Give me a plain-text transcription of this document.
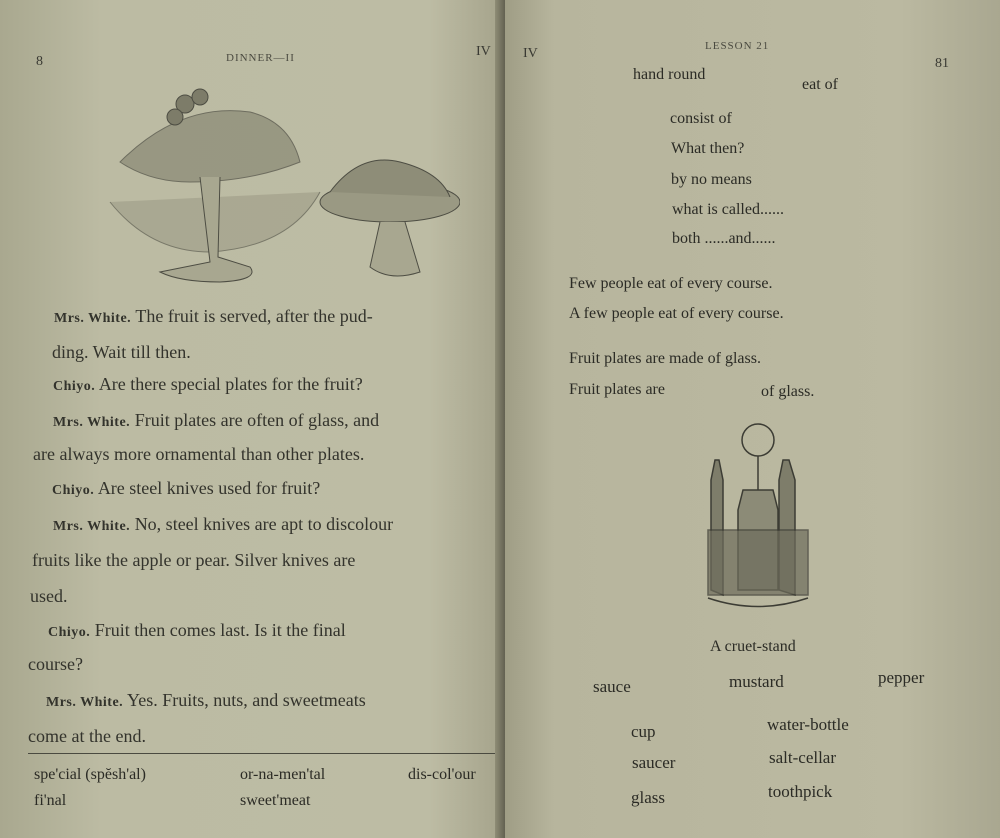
8	DINNER—II	IV
Mrs. White. The fruit is served, after the pud-
ding. Wait till then.
Chiyo. Are there special plates for the fruit?
Mrs. White. Fruit plates are often of glass, and
are always more ornamental than other plates.
Chiyo. Are steel knives used for fruit?
Mrs. White. No, steel knives are apt to discolour
fruits like the apple or pear. Silver knives are
used.
Chiyo. Fruit then comes last. Is it the final
course?
Mrs. White. Yes. Fruits, nuts, and sweetmeats
come at the end.
spe'cial (spĕsh'al)	or-na-men'tal	dis-col'our
fi'nal	sweet'meat
IV	LESSON 21
81
hand round
eat of
consist of
What then?
by no means
what is called......
both ......and......
Few people eat of every course.
A few people eat of every course.
Fruit plates are made of glass.
Fruit plates are	of glass.
A cruet-stand
sauce	mustard	pepper
cup	water-bottle
saucer	salt-cellar
glass	toothpick
